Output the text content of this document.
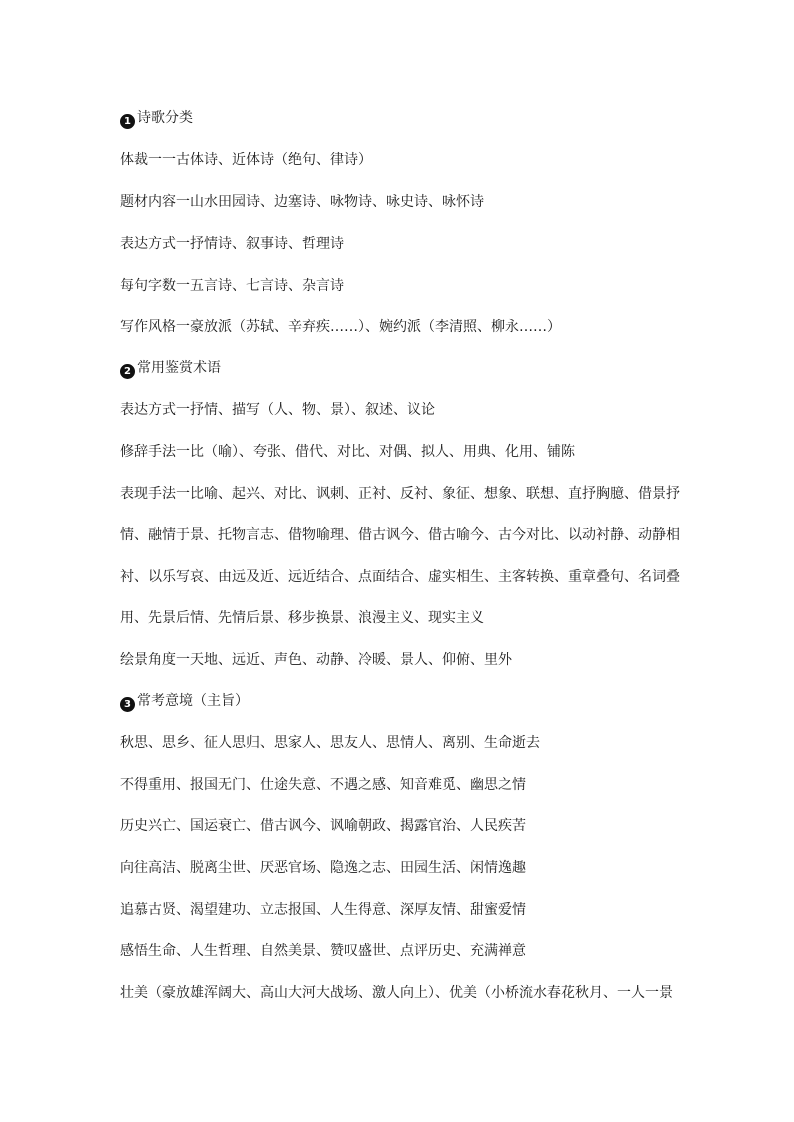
1 诗歌分类
体裁一一古体诗、近体诗（绝句、律诗）
题材内容一山水田园诗、边塞诗、咏物诗、咏史诗、咏怀诗
表达方式一抒情诗、叙事诗、哲理诗
每句字数一五言诗、七言诗、杂言诗
写作风格一豪放派（苏轼、辛弃疾……）、婉约派（李清照、柳永……）
2 常用鉴赏术语
表达方式一抒情、描写（人、物、景）、叙述、议论
修辞手法一比（喻）、夸张、借代、对比、对偶、拟人、用典、化用、铺陈
表现手法一比喻、起兴、对比、讽刺、正衬、反衬、象征、想象、联想、直抒胸臆、借景抒
情、融情于景、托物言志、借物喻理、借古讽今、借古喻今、古今对比、以动衬静、动静相
衬、以乐写哀、由远及近、远近结合、点面结合、虚实相生、主客转换、重章叠句、名词叠
用、先景后情、先情后景、移步换景、浪漫主义、现实主义
绘景角度一天地、远近、声色、动静、冷暖、景人、仰俯、里外
3 常考意境（主旨）
秋思、思乡、征人思归、思家人、思友人、思情人、离别、生命逝去
不得重用、报国无门、仕途失意、不遇之感、知音难觅、幽思之情
历史兴亡、国运衰亡、借古讽今、讽喻朝政、揭露官治、人民疾苦
向往高洁、脱离尘世、厌恶官场、隐逸之志、田园生活、闲情逸趣
追慕古贤、渴望建功、立志报国、人生得意、深厚友情、甜蜜爱情
感悟生命、人生哲理、自然美景、赞叹盛世、点评历史、充满禅意
壮美（豪放雄浑阔大、高山大河大战场、激人向上）、优美（小桥流水春花秋月、一人一景
